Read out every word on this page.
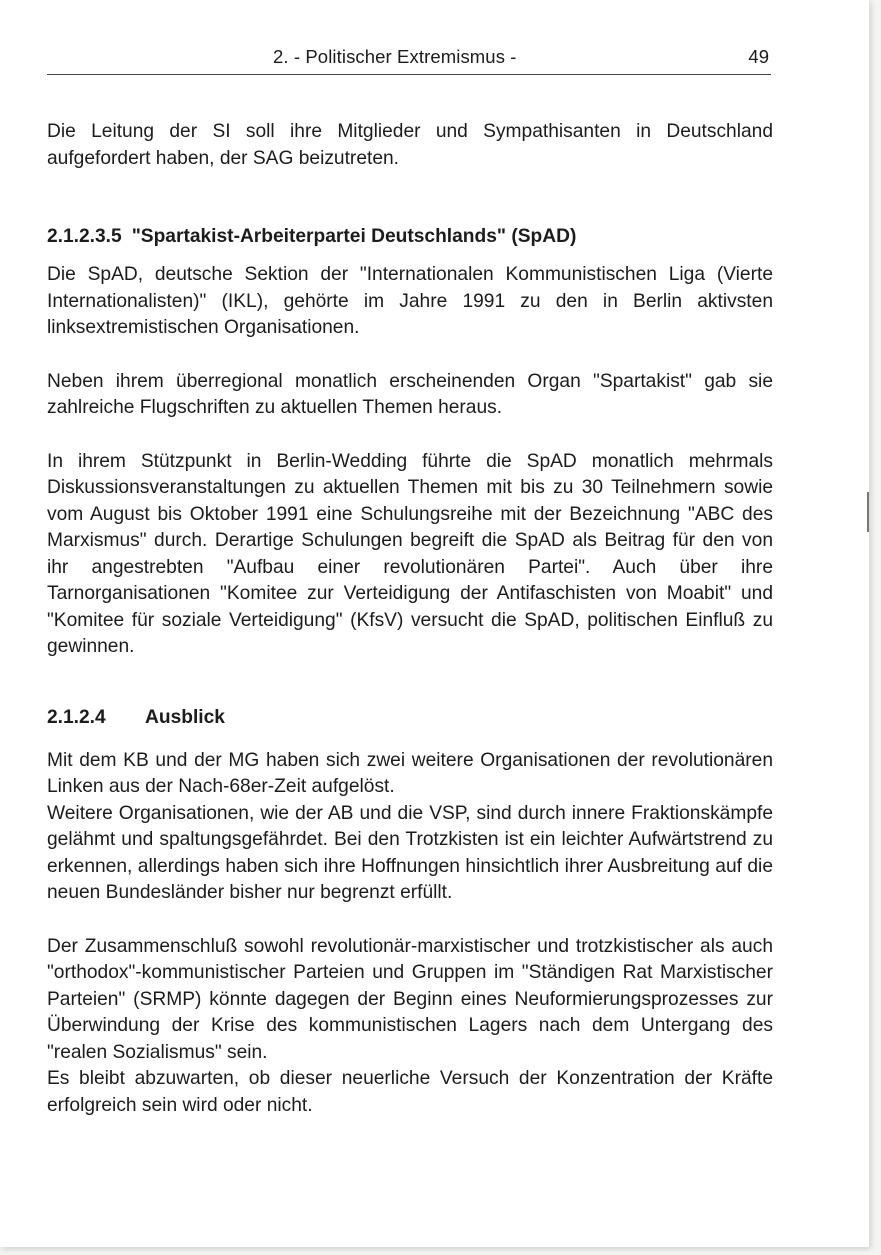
2. - Politischer Extremismus -	49

Die Leitung der SI soll ihre Mitglieder und Sympathisanten in Deutschland aufgefordert haben, der SAG beizutreten.

2.1.2.3.5 "Spartakist-Arbeiterpartei Deutschlands" (SpAD)

Die SpAD, deutsche Sektion der "Internationalen Kommunistischen Liga (Vierte Internationalisten)" (IKL), gehörte im Jahre 1991 zu den in Berlin aktivsten linksextremistischen Organisationen.

Neben ihrem überregional monatlich erscheinenden Organ "Spartakist" gab sie zahlreiche Flugschriften zu aktuellen Themen heraus.

In ihrem Stützpunkt in Berlin-Wedding führte die SpAD monatlich mehrmals Diskussionsveranstaltungen zu aktuellen Themen mit bis zu 30 Teilnehmern sowie vom August bis Oktober 1991 eine Schulungsreihe mit der Bezeichnung "ABC des Marxismus" durch. Derartige Schulungen begreift die SpAD als Beitrag für den von ihr angestrebten "Aufbau einer revolutionären Partei". Auch über ihre Tarnorganisationen "Komitee zur Verteidigung der Antifaschisten von Moabit" und "Komitee für soziale Verteidigung" (KfsV) versucht die SpAD, politischen Einfluß zu gewinnen.

2.1.2.4 Ausblick

Mit dem KB und der MG haben sich zwei weitere Organisationen der revolutionären Linken aus der Nach-68er-Zeit aufgelöst.

Weitere Organisationen, wie der AB und die VSP, sind durch innere Fraktionskämpfe gelähmt und spaltungsgefährdet. Bei den Trotzkisten ist ein leichter Aufwärtstrend zu erkennen, allerdings haben sich ihre Hoffnungen hinsichtlich ihrer Ausbreitung auf die neuen Bundesländer bisher nur begrenzt erfüllt.

Der Zusammenschluß sowohl revolutionär-marxistischer und trotzkistischer als auch "orthodox"-kommunistischer Parteien und Gruppen im "Ständigen Rat Marxistischer Parteien" (SRMP) könnte dagegen der Beginn eines Neuformierungsprozesses zur Überwindung der Krise des kommunistischen Lagers nach dem Untergang des "realen Sozialismus" sein.

Es bleibt abzuwarten, ob dieser neuerliche Versuch der Konzentration der Kräfte erfolgreich sein wird oder nicht.
